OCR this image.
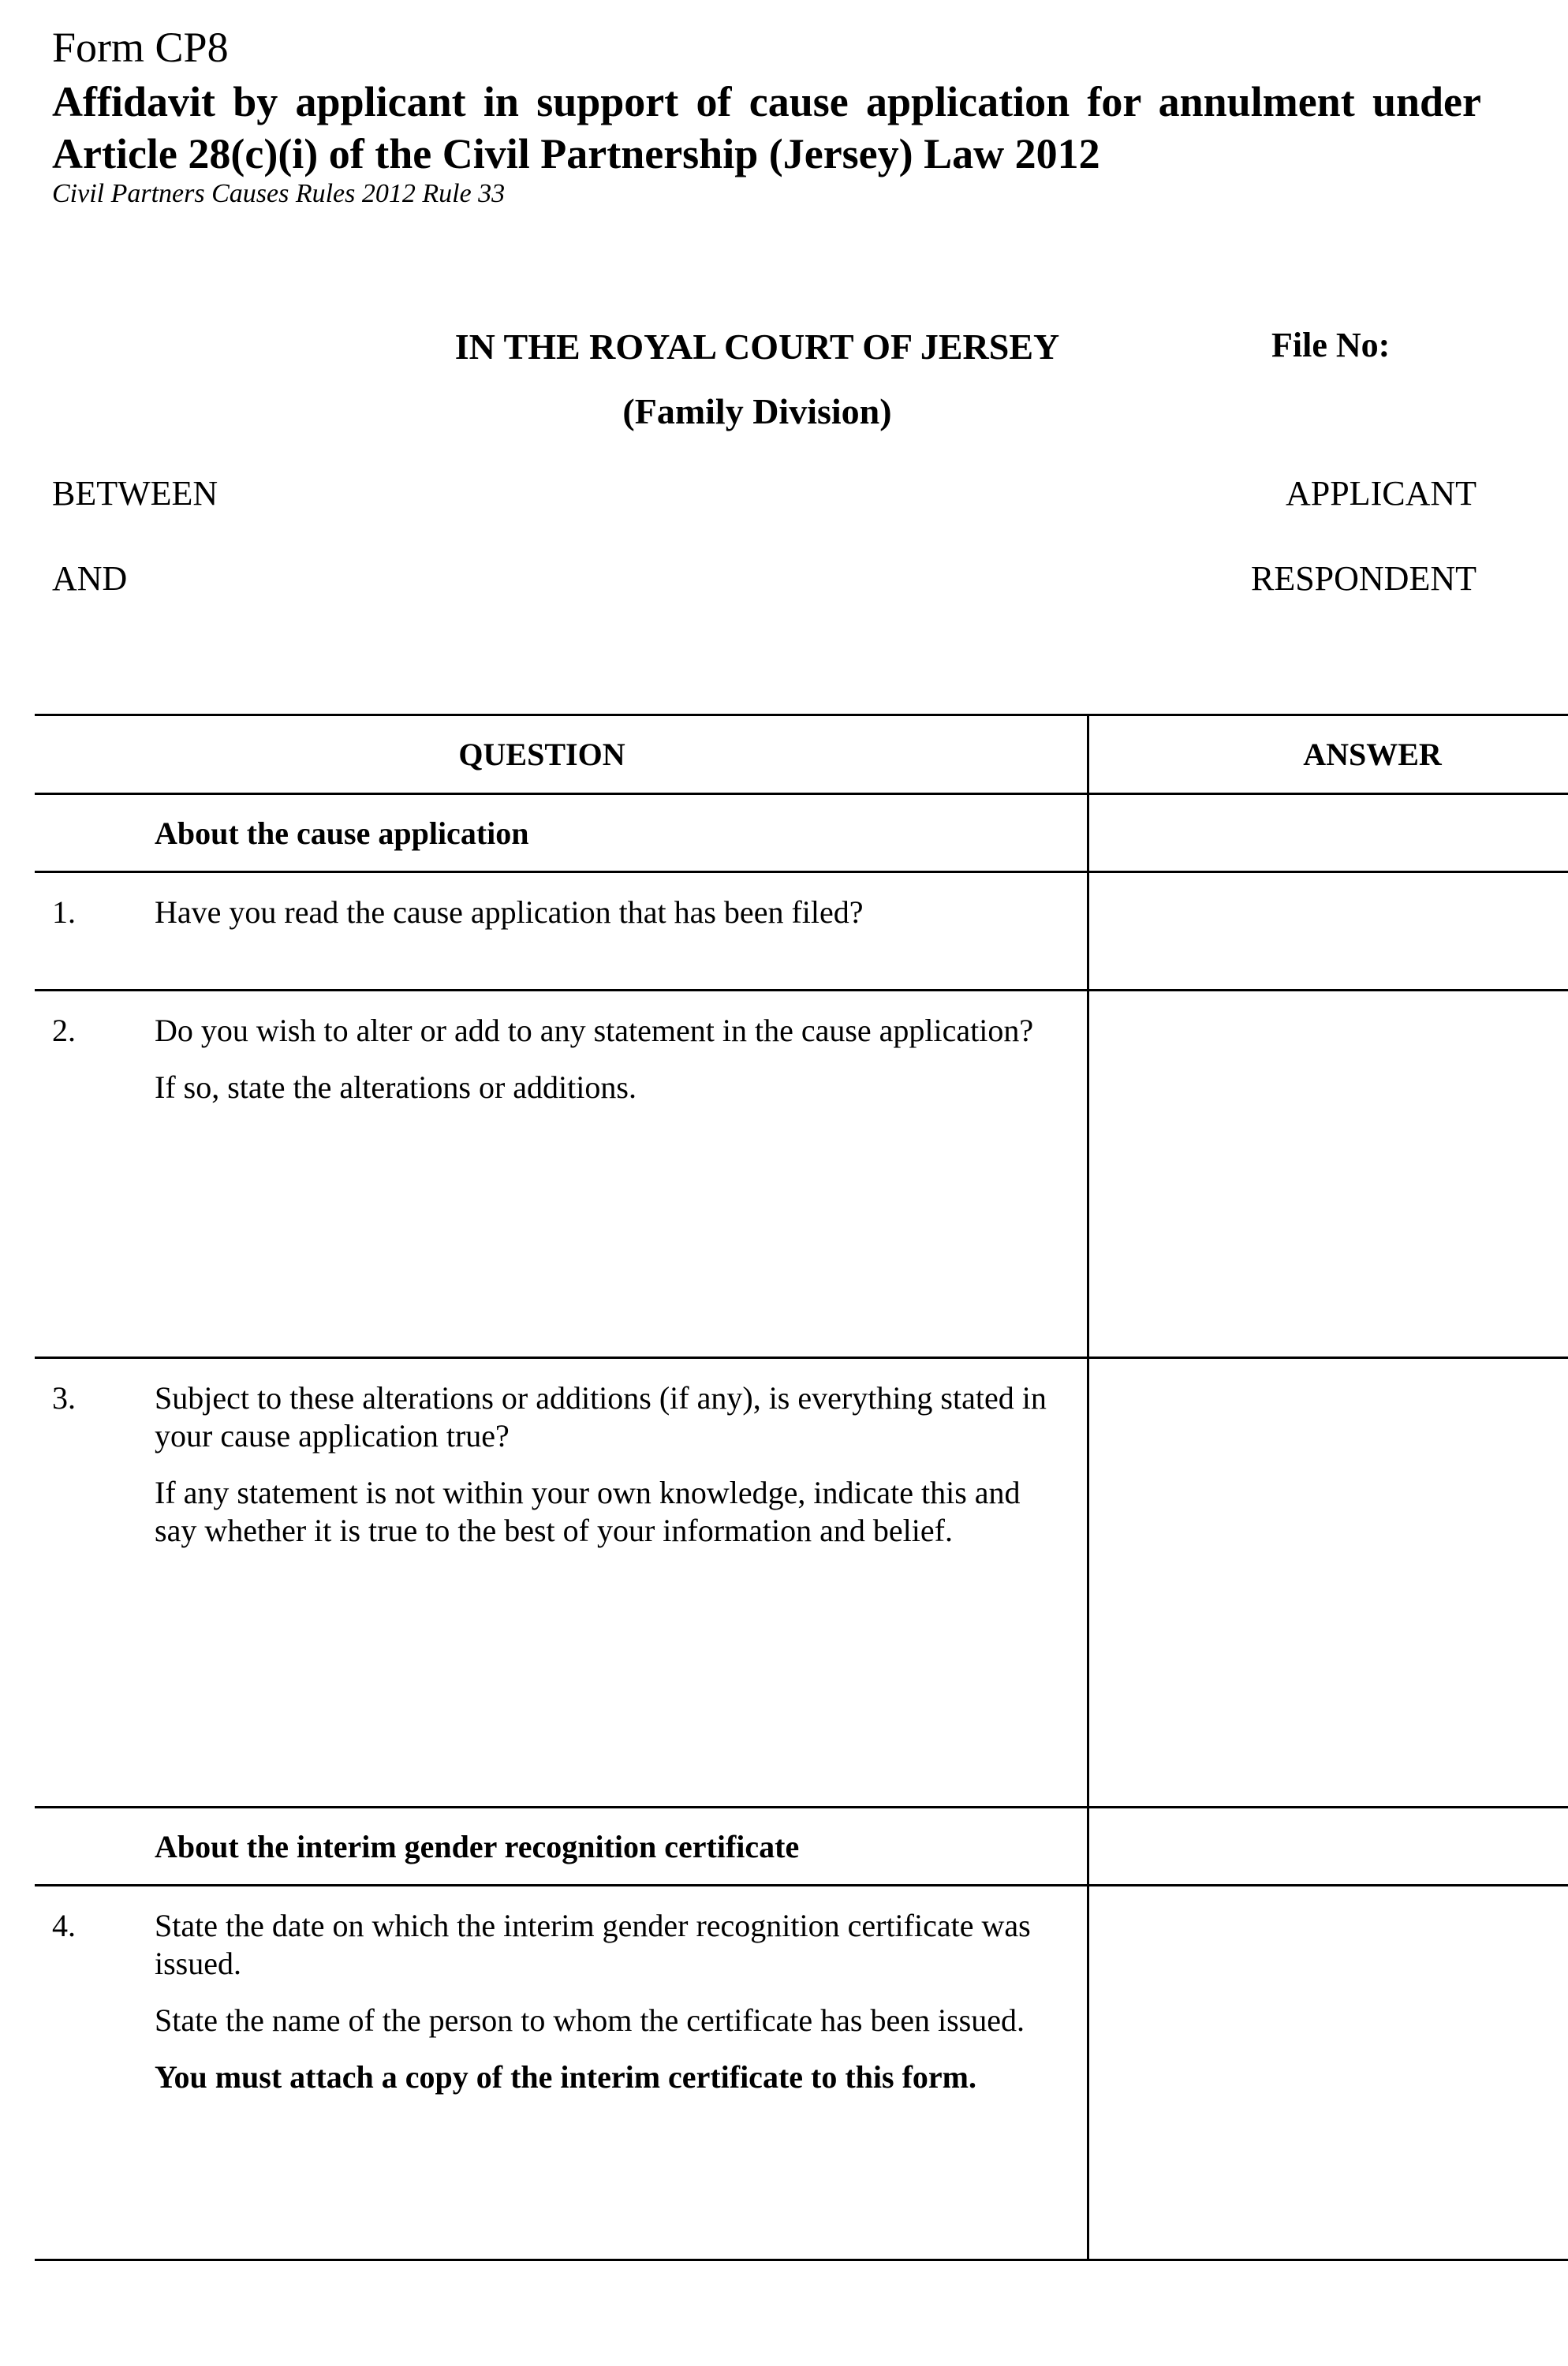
Form CP8
Affidavit by applicant in support of cause application for annulment under Article 28(c)(i) of the Civil Partnership (Jersey) Law 2012
Civil Partners Causes Rules 2012 Rule 33
IN THE ROYAL COURT OF JERSEY
(Family Division)
File No:
BETWEEN	APPLICANT
AND	RESPONDENT
	QUESTION	ANSWER
	About the cause application	
1.	Have you read the cause application that has been filed?	

2.	Do you wish to alter or add to any statement in the cause application?

If so, state the alterations or additions.	

3.	Subject to these alterations or additions (if any), is everything stated in your cause application true?

If any statement is not within your own knowledge, indicate this and say whether it is true to the best of your information and belief.	

	About the interim gender recognition certificate	
4.	State the date on which the interim gender recognition certificate was issued.

State the name of the person to whom the certificate has been issued.

You must attach a copy of the interim certificate to this form.	
